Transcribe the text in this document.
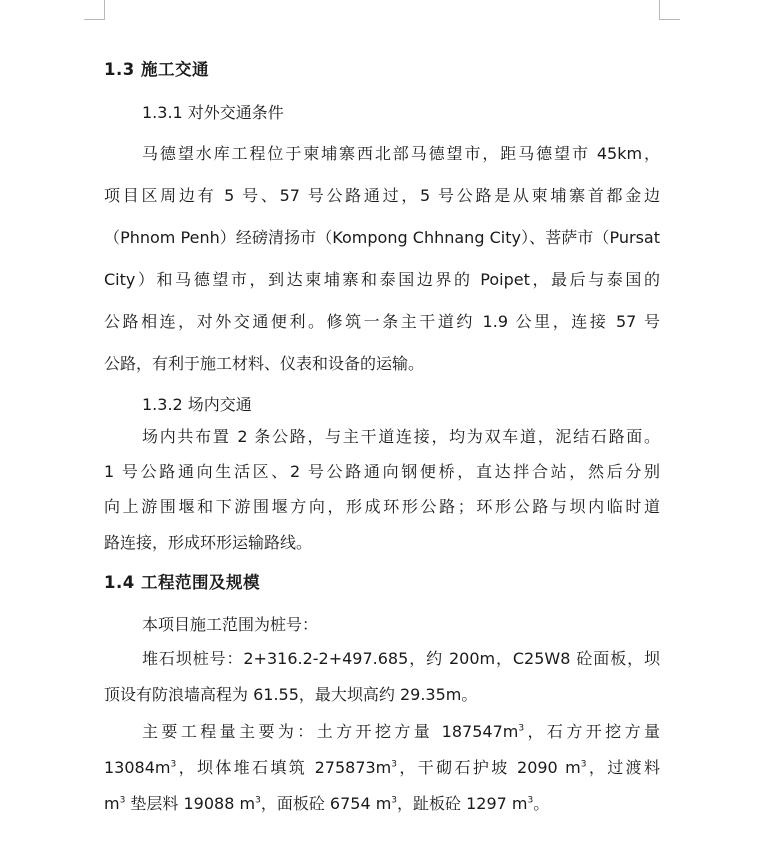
1.3 施工交通
1.3.1 对外交通条件
马德望水库工程位于柬埔寨西北部马德望市，距马德望市 45km，
项目区周边有 5 号、57 号公路通过，5 号公路是从柬埔寨首都金边
（Phnom Penh）经磅清扬市（Kompong Chhnang City）、菩萨市（Pursat
City）和马德望市，到达柬埔寨和泰国边界的 Poipet，最后与泰国的
公路相连，对外交通便利。修筑一条主干道约 1.9 公里，连接 57 号
公路，有利于施工材料、仪表和设备的运输。
1.3.2 场内交通
场内共布置 2 条公路，与主干道连接，均为双车道，泥结石路面。
1 号公路通向生活区、2 号公路通向钢便桥，直达拌合站，然后分别
向上游围堰和下游围堰方向，形成环形公路；环形公路与坝内临时道
路连接，形成环形运输路线。
1.4 工程范围及规模
本项目施工范围为桩号：
堆石坝桩号：2+316.2-2+497.685，约 200m，C25W8 砼面板，坝
顶设有防浪墙高程为 61.55，最大坝高约 29.35m。
主要工程量主要为：土方开挖方量 $187547m^3$，石方开挖方量
$13084m^3$，坝体堆石填筑 $275873m^3$，干砌石护坡 2090 $m^3$，过渡料
$m^3$ 垫层料 19088 $m^3$，面板砼 6754 $m^3$，趾板砼 1297 $m^3$。
